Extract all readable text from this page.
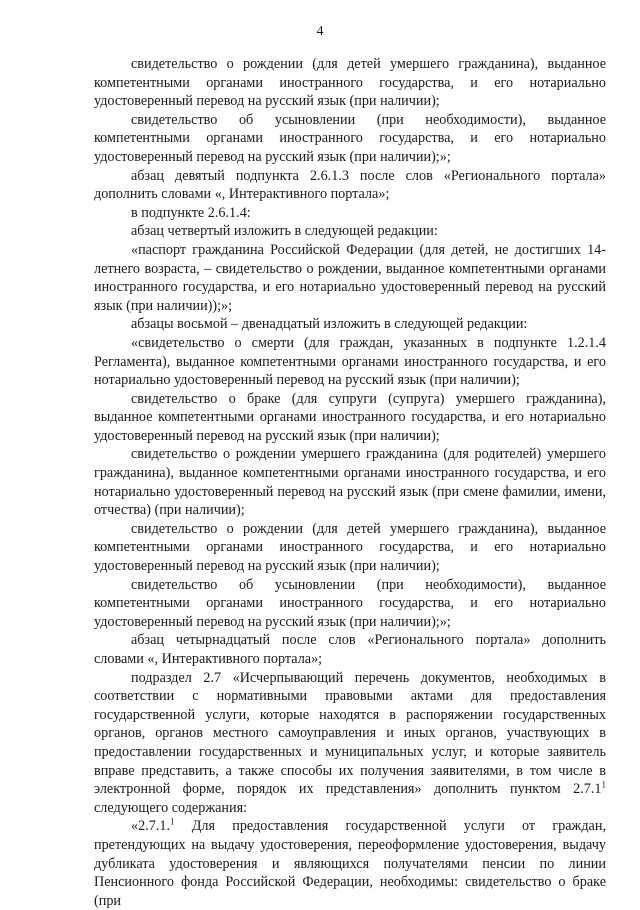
4

свидетельство о рождении (для детей умершего гражданина), выданное компетентными органами иностранного государства, и его нотариально удостоверенный перевод на русский язык (при наличии);

свидетельство об усыновлении (при необходимости), выданное компетентными органами иностранного государства, и его нотариально удостоверенный перевод на русский язык (при наличии);»;

абзац девятый подпункта 2.6.1.3 после слов «Регионального портала» дополнить словами «, Интерактивного портала»;

в подпункте 2.6.1.4:

абзац четвертый изложить в следующей редакции:

«паспорт гражданина Российской Федерации (для детей, не достигших 14-летнего возраста, – свидетельство о рождении, выданное компетентными органами иностранного государства, и его нотариально удостоверенный перевод на русский язык (при наличии));»;

абзацы восьмой – двенадцатый изложить в следующей редакции:

«свидетельство о смерти (для граждан, указанных в подпункте 1.2.1.4 Регламента), выданное компетентными органами иностранного государства, и его нотариально удостоверенный перевод на русский язык (при наличии);

свидетельство о браке (для супруги (супруга) умершего гражданина), выданное компетентными органами иностранного государства, и его нотариально удостоверенный перевод на русский язык (при наличии);

свидетельство о рождении умершего гражданина (для родителей) умершего гражданина), выданное компетентными органами иностранного государства, и его нотариально удостоверенный перевод на русский язык (при смене фамилии, имени, отчества) (при наличии);

свидетельство о рождении (для детей умершего гражданина), выданное компетентными органами иностранного государства, и его нотариально удостоверенный перевод на русский язык (при наличии);

свидетельство об усыновлении (при необходимости), выданное компетентными органами иностранного государства, и его нотариально удостоверенный перевод на русский язык (при наличии);»;

абзац четырнадцатый после слов «Регионального портала» дополнить словами «, Интерактивного портала»;

подраздел 2.7 «Исчерпывающий перечень документов, необходимых в соответствии с нормативными правовыми актами для предоставления государственной услуги, которые находятся в распоряжении государственных органов, органов местного самоуправления и иных органов, участвующих в предоставлении государственных и муниципальных услуг, и которые заявитель вправе представить, а также способы их получения заявителями, в том числе в электронной форме, порядок их представления» дополнить пунктом 2.7.1$^1$ следующего содержания:

«2.7.1.$^1$ Для предоставления государственной услуги от граждан, претендующих на выдачу удостоверения, переоформление удостоверения, выдачу дубликата удостоверения и являющихся получателями пенсии по линии Пенсионного фонда Российской Федерации, необходимы: свидетельство о браке (при
